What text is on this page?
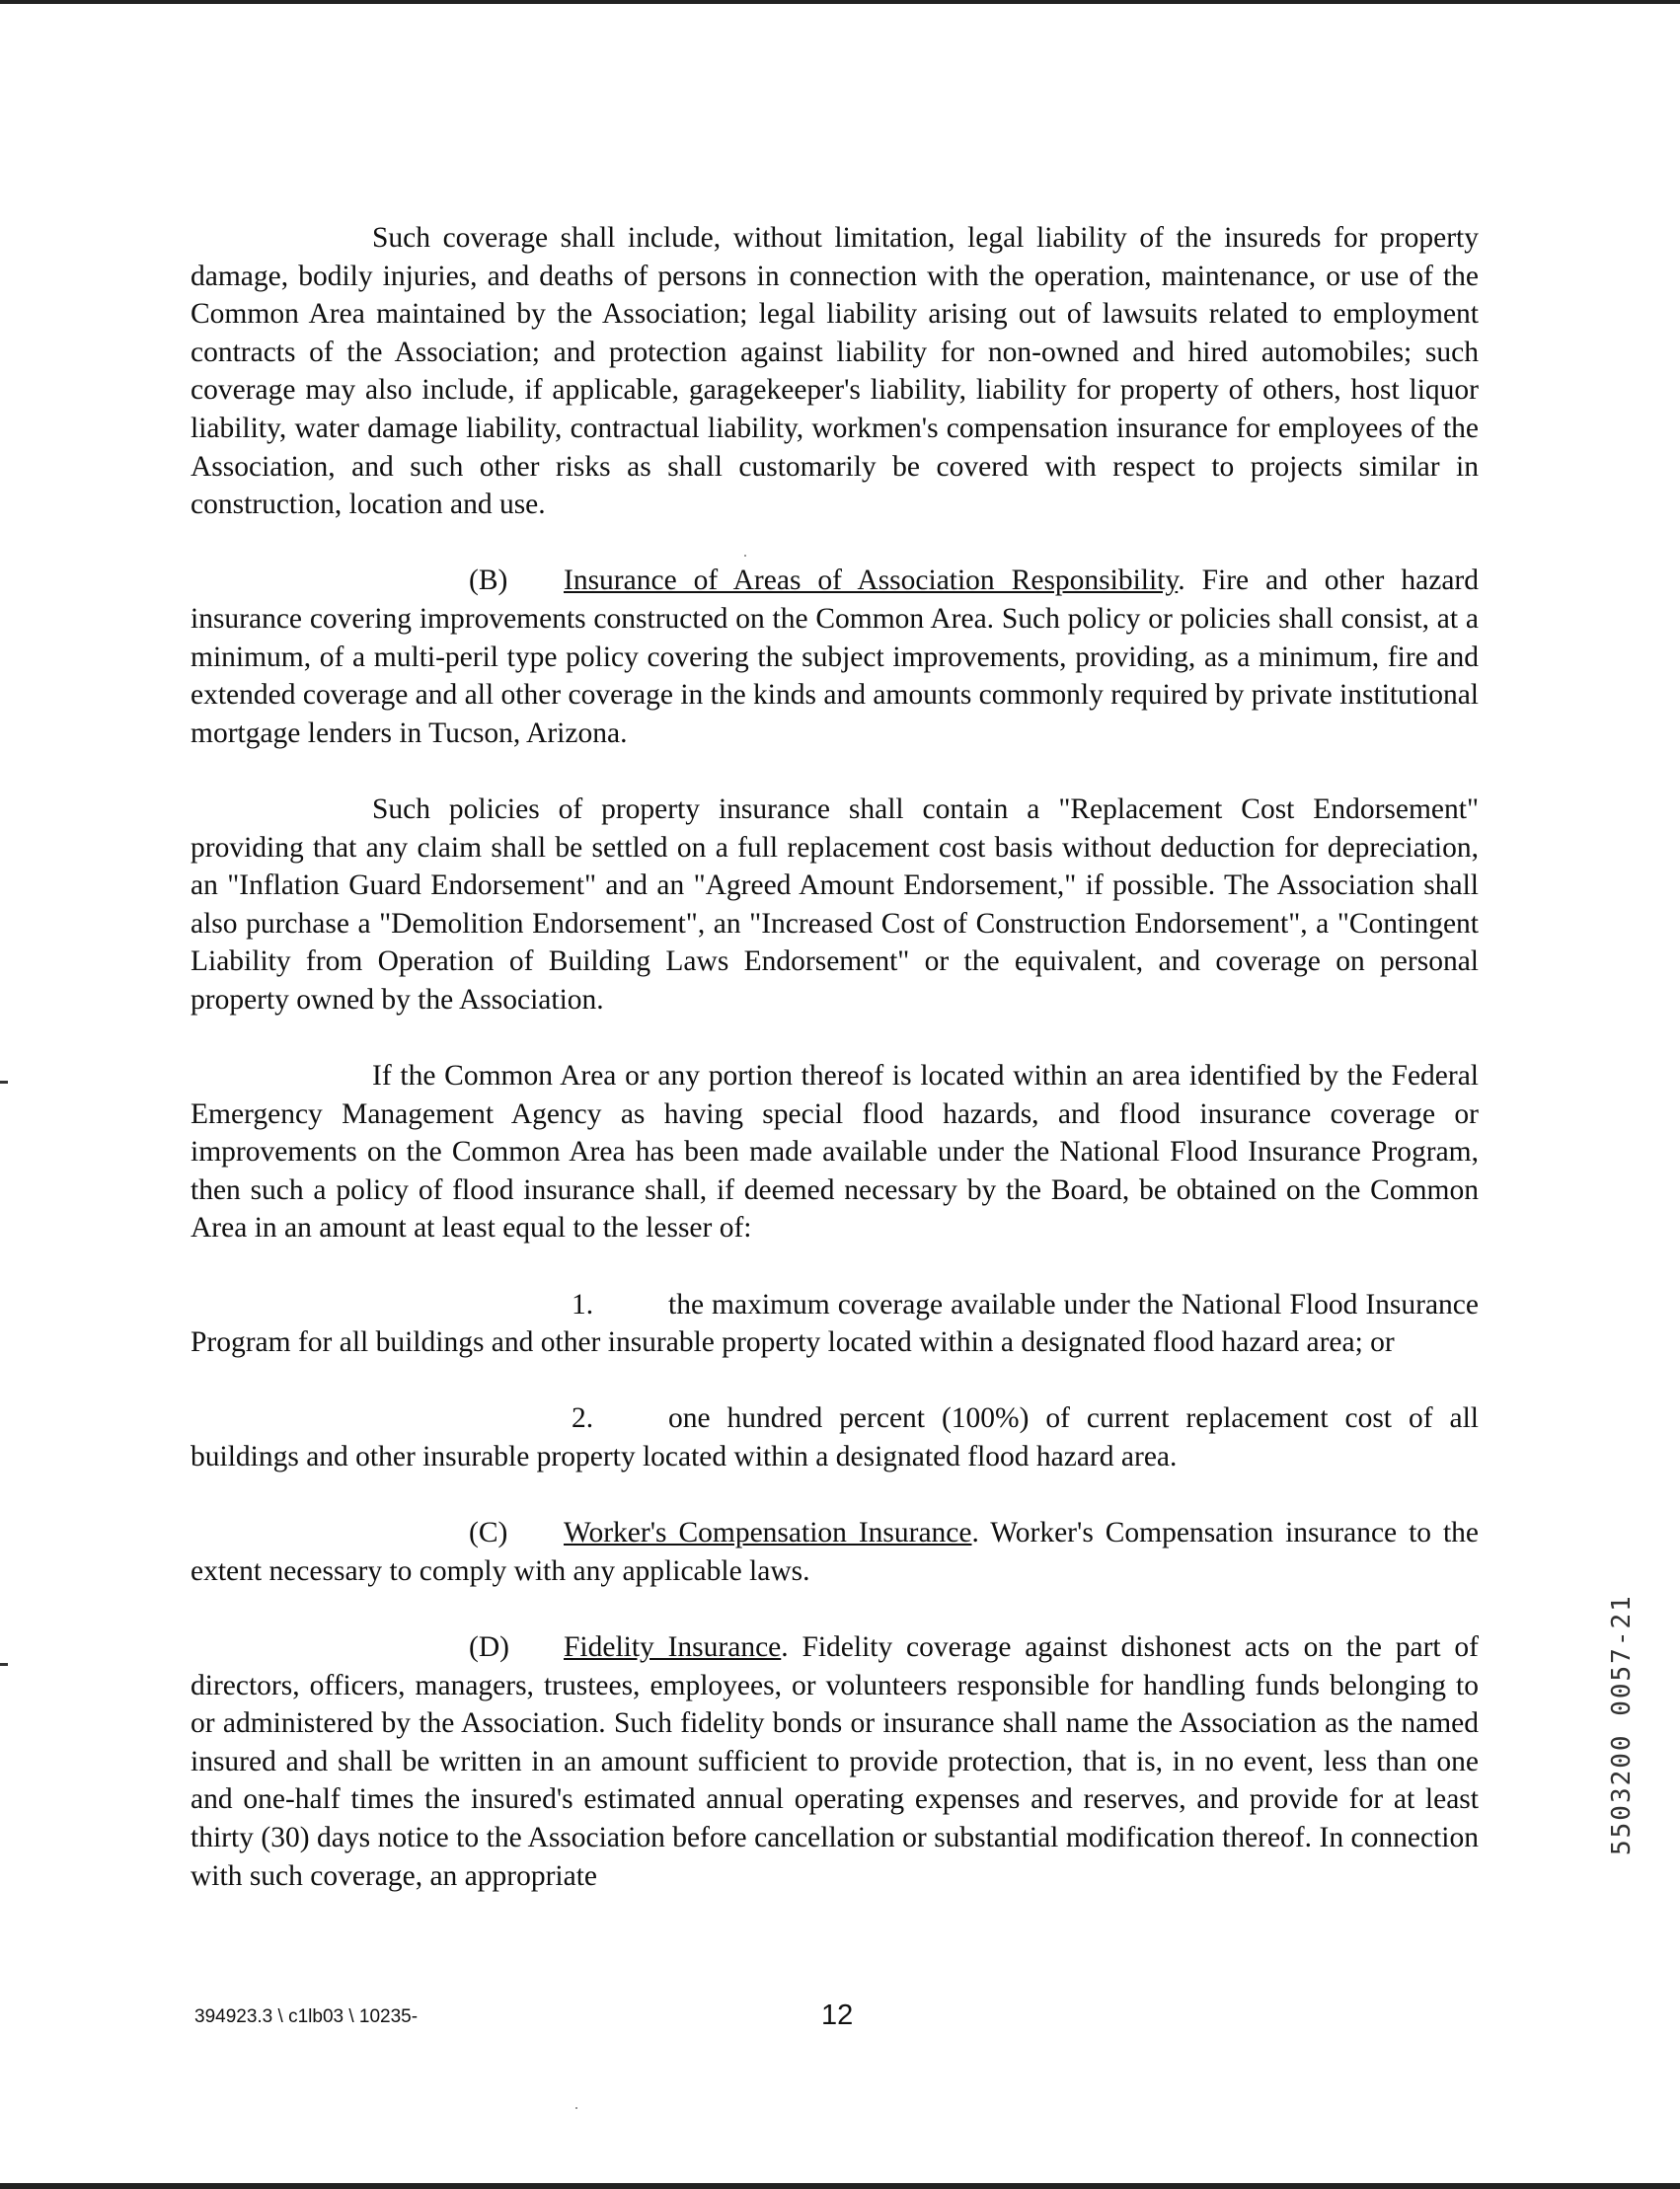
Such coverage shall include, without limitation, legal liability of the insureds for property damage, bodily injuries, and deaths of persons in connection with the operation, maintenance, or use of the Common Area maintained by the Association; legal liability arising out of lawsuits related to employment contracts of the Association; and protection against liability for non-owned and hired automobiles; such coverage may also include, if applicable, garagekeeper's liability, liability for property of others, host liquor liability, water damage liability, contractual liability, workmen's compensation insurance for employees of the Association, and such other risks as shall customarily be covered with respect to projects similar in construction, location and use.

(B) Insurance of Areas of Association Responsibility. Fire and other hazard insurance covering improvements constructed on the Common Area. Such policy or policies shall consist, at a minimum, of a multi-peril type policy covering the subject improvements, providing, as a minimum, fire and extended coverage and all other coverage in the kinds and amounts commonly required by private institutional mortgage lenders in Tucson, Arizona.

Such policies of property insurance shall contain a "Replacement Cost Endorsement" providing that any claim shall be settled on a full replacement cost basis without deduction for depreciation, an "Inflation Guard Endorsement" and an "Agreed Amount Endorsement," if possible. The Association shall also purchase a "Demolition Endorsement", an "Increased Cost of Construction Endorsement", a "Contingent Liability from Operation of Building Laws Endorsement" or the equivalent, and coverage on personal property owned by the Association.

If the Common Area or any portion thereof is located within an area identified by the Federal Emergency Management Agency as having special flood hazards, and flood insurance coverage or improvements on the Common Area has been made available under the National Flood Insurance Program, then such a policy of flood insurance shall, if deemed necessary by the Board, be obtained on the Common Area in an amount at least equal to the lesser of:

1.	the maximum coverage available under the National Flood Insurance Program for all buildings and other insurable property located within a designated flood hazard area; or

2.	one hundred percent (100%) of current replacement cost of all buildings and other insurable property located within a designated flood hazard area.

(C) Worker's Compensation Insurance. Worker's Compensation insurance to the extent necessary to comply with any applicable laws.

(D) Fidelity Insurance. Fidelity coverage against dishonest acts on the part of directors, officers, managers, trustees, employees, or volunteers responsible for handling funds belonging to or administered by the Association. Such fidelity bonds or insurance shall name the Association as the named insured and shall be written in an amount sufficient to provide protection, that is, in no event, less than one and one-half times the insured's estimated annual operating expenses and reserves, and provide for at least thirty (30) days notice to the Association before cancellation or substantial modification thereof. In connection with such coverage, an appropriate

394923.3 \ c1lb03 \ 10235-	12
5503200 0057-21
